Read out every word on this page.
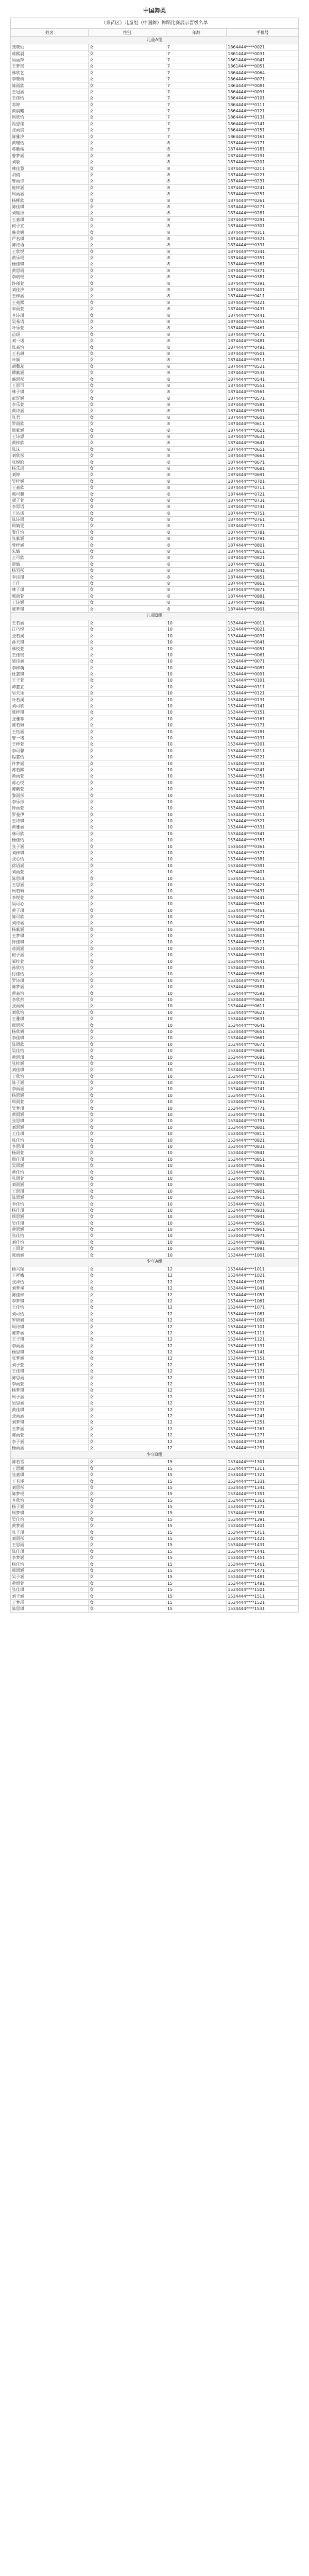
中国舞类
（青苗区）儿童组（中国舞）舞蹈比赛展示晋级名单
姓名	性别	年龄	手机号
儿童A组			
龚晓灿	女	7	1864444****0021
蒋熙晨	女	7	1861444****0031
吴丽萍	女	7	1861444****0041
王梦瑶	女	7	1861444****0051
林欣艺	女	7	1864444****0064
李晓楠	女	7	1864444****0071
陈雨欣	女	7	1864444****0081
王冠涵	女	7	1864444****0091
王佳怡	女	7	1864444****0101
邓婷	女	7	1864444****0111
黄晨曦	女	7	1864444****0121
周欣怡	女	7	1864444****0131
冯恩佳	女	7	1864444****0141
张雨宸	女	7	1864444****0151
陈雅汐	女	7	1864444****0161
黄瑾怡	女	8	1874444****0171
蒋紫橘	女	8	1874444****0181
曹梦涵	女	8	1874444****0191
刘敏	女	8	1874444****0201
林佳慧	女	8	1874444****0211
胡倩	女	8	1874444****0221
曾雨诗	女	8	1874444****0231
庞梓涵	女	8	1874444****0241
周雨涵	女	8	1874444****0251
杨柳欣	女	8	1874444****0261
陈佳琪	女	8	1874444****0271
刘瑞彤	女	8	1874444****0281
王嘉琪	女	8	1874444****0291
何子宣	女	8	1874444****0301
韩美妍	女	8	1874444****0311
严若琪	女	8	1874444****0321
陈诗语	女	8	1874444****0331
王欣悦	女	8	1874444****0341
黄乐瑶	女	8	1874444****0351
杨佳琪	女	8	1874444****0361
黄思雨	女	8	1874444****0371
李明瑶	女	8	1874444****0381
许瑾萱	女	8	1874444****0391
刘佳汐	女	8	1874444****0401
王梓涵	女	8	1874444****0411
王苑熙	女	8	1874444****0421
宋雨萱	女	8	1874444****0431
李诗琪	女	8	1874444****0441
吴希语	女	8	1874444****0451
叶乐萱	女	8	1874444****0461
苗瑶	女	8	1874444****0471
刘一诺	女	8	1874444****0481
陈嘉怡	女	8	1874444****0491
王若琳	女	8	1874444****0501
叶颖	女	8	1874444****0511
胡馨蕊	女	8	1874444****0521
谭紫涵	女	8	1874444****0531
韩思彤	女	8	1874444****0541
王思可	女	8	1874444****0551
林子琪	女	8	1874444****0561
彭舒涵	女	8	1874444****0571
李乐萱	女	8	1874444****0581
黄诗涵	女	8	1874444****0591
张君	女	8	1874444****0601
罗雨欣	女	8	1874444****0611
周紫涵	女	8	1874444****0621
王诗恩	女	8	1874444****0631
黄梓欣	女	8	1874444****0641
陈沫	女	8	1874444****0651
刘欣彤	女	8	1874444****0661
张悦晗	女	8	1874444****0671
杨乐瑶	女	8	1874444****0681
刘婷	女	8	1874444****0691
吴梓涵	女	8	1874444****0701
王嘉欣	女	8	1874444****0711
郭可馨	女	8	1874444****0721
颜子萱	女	8	1874444****0731
李思语	女	8	1874444****0741
王沁诺	女	8	1874444****0751
陈诗雨	女	8	1874444****0761
周婧雯	女	8	1874444****0771
黎佳怡	女	8	1874444****0781
张紫涵	女	8	1874444****0791
曾梓涵	女	8	1874444****0801
朱婧	女	8	1874444****0811
王可欣	女	8	1874444****0821
贺婧	女	8	1874444****0831
杨羽彤	女	8	1874444****0841
李诗琪	女	8	1874444****0851
王佳	女	8	1874444****0861
林子琪	女	8	1874444****0871
郭雨萱	女	8	1874444****0881
王诗涵	女	8	1874444****0891
陈梦琪	女	8	1874444****0901
儿童B组			
王若涵	女	10	1534444****0011
江巧悦	女	10	1534444****0021
张若溪	女	10	1534444****0031
孙天琪	女	10	1534444****0041
林悦萱	女	10	1534444****0051
王佳瑶	女	10	1534444****0061
梁诗涵	女	10	1534444****0071
李梓萌	女	10	1534444****0081
杜嘉琪	女	10	1534444****0091
王子萱	女	10	1534444****0101
谭嘉宜	女	10	1534444****0111
吴天乐	女	10	1534444****0121
叶若溪	女	10	1534444****0131
刘可欣	女	10	1534444****0141
陈梓琪	女	10	1534444****0151
张雅菲	女	10	1534444****0161
陈若琳	女	10	1534444****0171
王钰涵	女	10	1534444****0181
曾一诺	女	10	1534444****0191
王梓萱	女	10	1534444****0201
李可馨	女	10	1534444****0211
程嘉怡	女	10	1534444****0221
许梦涵	女	10	1534444****0231
苏若熙	女	10	1534444****0241
黄雨萱	女	10	1534444****0251
蒋心悦	女	10	1534444****0261
陈紫萱	女	10	1534444****0271
黎雨彤	女	10	1534444****0281
李乐彤	女	10	1534444****0291
钟雨萱	女	10	1534444****0301
罗曼伊	女	10	1534444****0311
王诗琪	女	10	1534444****0321
黄雅涵	女	10	1534444****0331
林可欣	女	10	1534444****0341
杨佳怡	女	10	1534444****0351
张子涵	女	10	1534444****0361
刘梓琪	女	10	1534444****0371
张心怡	女	10	1534444****0381
徐语涵	女	10	1534444****0391
刘雨萱	女	10	1534444****0401
陈思琪	女	10	1534444****0411
王思涵	女	10	1534444****0421
周若琳	女	10	1534444****0431
李悦萱	女	10	1534444****0441
吴可心	女	10	1534444****0451
黄子琪	女	10	1534444****0461
陈可欣	女	10	1534444****0471
刘诗涵	女	10	1534444****0481
杨紫涵	女	10	1534444****0491
王梦琪	女	10	1534444****0501
钟佳琪	女	10	1534444****0511
蒋雨涵	女	10	1534444****0521
何子涵	女	10	1534444****0531
邹梓萱	女	10	1534444****0541
孙欣怡	女	10	1534444****0551
付佳怡	女	10	1534444****0561
罗诗琪	女	10	1534444****0571
陈梦涵	女	10	1534444****0581
黄嘉怡	女	10	1534444****0591
李欣然	女	10	1534444****0601
张雨桐	女	10	1534444****0611
刘欣怡	女	10	1534444****0621
王雅琪	女	10	1534444****0631
周思彤	女	10	1534444****0641
杨欣妍	女	10	1534444****0651
李佳琪	女	10	1534444****0661
陈雨欣	女	10	1534444****0671
吴佳怡	女	10	1534444****0681
黄思琪	女	10	1534444****0691
张梓涵	女	10	1534444****0701
刘佳琪	女	10	1534444****0711
王欣怡	女	10	1534444****0721
陈子涵	女	10	1534444****0731
李雨涵	女	10	1534444****0741
杨思涵	女	10	1534444****0751
周雨萱	女	10	1534444****0761
吴梦琪	女	10	1534444****0771
黄雨涵	女	10	1534444****0781
张思琪	女	10	1534444****0791
刘思涵	女	10	1534444****0801
王佳琪	女	10	1534444****0811
陈佳怡	女	10	1534444****0821
李思琪	女	10	1534444****0831
杨雨萱	女	10	1534444****0841
周佳琪	女	10	1534444****0851
吴雨涵	女	10	1534444****0861
黄佳怡	女	10	1534444****0871
张雨萱	女	10	1534444****0881
刘雨涵	女	10	1534444****0891
王思琪	女	10	1534444****0901
陈思涵	女	10	1534444****0911
李佳怡	女	10	1534444****0921
杨佳琪	女	10	1534444****0931
周思涵	女	10	1534444****0941
吴佳琪	女	10	1534444****0951
黄思涵	女	10	1534444****0961
张佳怡	女	10	1534444****0971
刘佳怡	女	10	1534444****0981
王雨萱	女	10	1534444****0991
陈雨涵	女	10	1534444****1001
少年A组			
杨兴瑞	女	12	1534444****1011
王祥娥	女	12	1534444****1021
张祥怡	女	12	1534444****1031
刘梦溪	女	12	1534444****1041
陈佳婷	女	12	1534444****1051
李梦琪	女	12	1534444****1061
王佳怡	女	12	1534444****1071
刘可怡	女	12	1534444****1081
罗锦娟	女	12	1534444****1091
周诗琪	女	12	1534444****1101
陈梦涵	女	12	1534444****1111
王子琪	女	12	1534444****1121
李雨涵	女	12	1534444****1131
杨思琪	女	12	1534444****1141
张梦涵	女	12	1534444****1151
刘子萱	女	12	1534444****1161
王佳琪	女	12	1534444****1171
陈思雨	女	12	1534444****1181
李雨萱	女	12	1534444****1191
杨梦琪	女	12	1534444****1201
周子涵	女	12	1534444****1211
吴思涵	女	12	1534444****1221
黄佳琪	女	12	1534444****1231
张雨涵	女	12	1534444****1241
刘梦琪	女	12	1534444****1251
王梦涵	女	12	1534444****1261
陈雨萱	女	12	1534444****1271
李子涵	女	12	1534444****1281
杨雨涵	女	12	1534444****1291
少年B组			
陈若雪	女	15	1534444****1301
王思颖	女	15	1534444****1311
张嘉琪	女	15	1534444****1321
王若溪	女	15	1534444****1331
刘思彤	女	15	1534444****1341
陈梦瑶	女	15	1534444****1351
李欣怡	女	15	1534444****1361
杨子涵	女	15	1534444****1371
周梦琪	女	15	1534444****1381
吴佳怡	女	15	1534444****1391
黄梦涵	女	15	1534444****1401
张子琪	女	15	1534444****1411
刘雨彤	女	15	1534444****1421
王思雨	女	15	1534444****1431
陈佳琪	女	15	1534444****1441
李梦涵	女	15	1534444****1451
杨佳怡	女	15	1534444****1461
周雨涵	女	15	1534444****1471
吴子涵	女	15	1534444****1481
黄雨萱	女	15	1534444****1491
张佳琪	女	15	1534444****1501
刘子涵	女	15	1534444****1511
王梦瑶	女	15	1534444****1521
陈思琪	女	15	1534444****1531
